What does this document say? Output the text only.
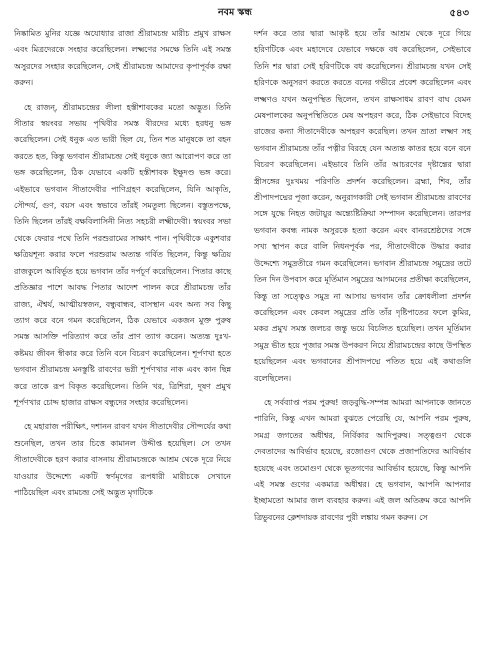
নবম স্কন্ধ	৫৪৩

নিষ্কামিত মুনির যজ্ঞে অযোধ্যার রাজা শ্রীরামচন্দ্র মারীচ প্রমুখ রাক্ষস এবং মিত্রদেরকে সংহার করেছিলেন। লক্ষ্মণের সমক্ষে তিনি এই সমস্ত অসুরদের সংহার করেছিলেন, সেই শ্রীরামচন্দ্র আমাদের কৃপাপূর্বক রক্ষা করুন।

হে রাজন্, শ্রীরামচন্দ্রের লীলা হস্তীশাবকের মতো অদ্ভুত। তিনি সীতার স্বয়ংবর সভায় পৃথিবীর সমস্ত বীরদের মধ্যে হরধনু ভঙ্গ করেছিলেন। সেই ধনুক এত ভারী ছিল যে, তিন শত মানুষকে তা বহন করতে হত, কিন্তু ভগবান শ্রীরামচন্দ্র সেই ধনুকে জ্যা আরোপণ করে তা ভঙ্গ করেছিলেন, ঠিক যেভাবে একটি হস্তীশাবক ইক্ষুদণ্ড ভঙ্গ করে। এইভাবে ভগবান সীতাদেবীর পাণিগ্রহণ করেছিলেন, যিনি আকৃতি, সৌন্দর্য, গুণ, বয়স এবং স্বভাবে তাঁরই সমতুল্য ছিলেন। বস্তুতপক্ষে, তিনি ছিলেন তাঁরই বক্ষবিলাসিনী নিত্য সহচরী লক্ষ্মীদেবী। স্বয়ংবর সভা থেকে ফেরার পথে তিনি পরশুরামের সাক্ষাৎ পান। পৃথিবীকে একুশবার ক্ষত্রিয়শূন্য করার ফলে পরশুরাম অত্যন্ত গর্বিত ছিলেন, কিন্তু ক্ষত্রিয় রাজকুলে আবির্ভূত হয়ে ভগবান তাঁর দর্পচূর্ণ করেছিলেন। পিতার কাছে প্রতিজ্ঞার পাশে আবদ্ধ পিতার আদেশ পালন করে শ্রীরামচন্দ্র তাঁর রাজ্য, ঐশ্বর্য, আত্মীয়স্বজন, বন্ধুবান্ধব, বাসস্থান এবং অন্য সব কিছু ত্যাগ করে বনে গমন করেছিলেন, ঠিক যেভাবে একজন মুক্ত পুরুষ সমস্ত আসক্তি পরিত্যাগ করে তাঁর প্রাণ ত্যাগ করেন। অত্যন্ত দুঃখ-কষ্টময় জীবন স্বীকার করে তিনি বনে বিচরণ করেছিলেন। শূর্পণখা হতে ভগবান শ্রীরামচন্দ্র মনস্তুষ্টি রাবণের ভগ্নী শূর্পণখার নাক এবং কান ছিন্ন করে তাকে রূপ বিকৃত করেছিলেন। তিনি খর, ত্রিশিরা, দূষণ প্রমুখ শূর্পণখার চোদ্দ হাজার রাক্ষস বন্ধুদের সংহার করেছিলেন।

হে মহারাজ পরীক্ষিৎ, দশানন রাবণ যখন সীতাদেবীর সৌন্দর্যের কথা শুনেছিল, তখন তার চিত্তে কামানল উদ্দীপ্ত হয়েছিল। সে তখন সীতাদেবীকে হরণ করার বাসনায় শ্রীরামচন্দ্রকে আশ্রম থেকে দূরে নিয়ে যাওয়ার উদ্দেশ্যে একটি স্বর্ণমৃগের রূপধারী মারীচকে সেখানে পাঠিয়েছিল এবং রামচন্দ্র সেই অদ্ভুত মৃগটিকে

দর্শন করে তার দ্বারা আকৃষ্ট হয়ে তাঁর আশ্রম থেকে দূরে গিয়ে হরিণটিকে এবং মহাদেবে যেভাবে দক্ষকে বধ করেছিলেন, সেইভাবে তিনি শর দ্বারা সেই হরিণটিকে বধ করেছিলেন। শ্রীরামচন্দ্র যখন সেই হরিণকে অনুসরণ করতে করতে বনের গভীরে প্রবেশ করেছিলেন এবং লক্ষ্মণও যখন অনুপস্থিত ছিলেন, তখন রাক্ষসাধম রাবণ বাঘ যেমন মেষপালকের অনুপস্থিতিতে মেষ অপহরণ করে, ঠিক সেইভাবে বিদেহ রাজের কন্যা সীতাদেবীকে অপহরণ করেছিল। তখন ভ্রাতা লক্ষ্মণ সহ ভগবান শ্রীরামচন্দ্র তাঁর পত্নীর বিরহে যেন অত্যন্ত কাতর হয়ে বনে বনে বিচরণ করেছিলেন। এইভাবে তিনি তাঁর আচরণের দৃষ্টান্তের দ্বারা স্ত্রীসঙ্গের দুঃখময় পরিণতি প্রদর্শন করেছিলেন। ব্রহ্মা, শিব, তাঁর শ্রীপাদপদ্মের পূজা করেন, অনুরাগকারী সেই ভগবান শ্রীরামচন্দ্র রাবণের সঙ্গে যুদ্ধে নিহত জটায়ুর অন্ত্যেষ্টিক্রিয়া সম্পাদন করেছিলেন। তারপর ভগবান কবন্ধ নামক অসুরকে হত্যা করেন এবং বানরশ্রেষ্ঠদের সঙ্গে সখ্য স্থাপন করে বালি নিধনপূর্বক পর, সীতাদেবীকে উদ্ধার করার উদ্দেশ্যে সমুদ্রতীরে গমন করেছিলেন। ভগবান শ্রীরামচন্দ্র সমুদ্রের তটে তিন দিন উপবাস করে মূর্তিমান সমুদ্রের আগমনের প্রতীক্ষা করেছিলেন, কিন্তু তা সত্ত্বেও সমুদ্র না আসায় ভগবান তাঁর ক্রোধলীলা প্রদর্শন করেছিলেন এবং কেবল সমুদ্রের প্রতি তাঁর দৃষ্টিপাতের ফলে কুমির, মকর প্রমুখ সমস্ত জলচর জন্তু ভয়ে বিচলিত হয়েছিল। তখন মূর্তিমান সমুদ্র ভীত হয়ে পূজার সমস্ত উপকরণ নিয়ে শ্রীরামচন্দ্রের কাছে উপস্থিত হয়েছিলেন এবং ভগবানের শ্রীপাদপদ্মে পতিত হয়ে এই কথাগুলি বলেছিলেন।

হে সর্বব্যাপ্ত পরম পুরুষ! জড়বুদ্ধি-সম্পন্ন আমরা আপনাকে জানতে পারিনি, কিন্তু এখন আমরা বুঝতে পেরেছি যে, আপনি পরম পুরুষ, সমগ্র জগতের অধীশ্বর, নির্বিকার আদিপুরুষ। সত্ত্বগুণ থেকে দেবতাদের আবির্ভাব হয়েছে, রজোগুণ থেকে প্রজাপতিদের আবির্ভাব হয়েছে এবং তমোগুণ থেকে ভূতগণের আবির্ভাব হয়েছে, কিন্তু আপনি এই সমস্ত গুণের একমাত্র অধীশ্বর। হে ভগবান, আপনি আপনার ইচ্ছামতো আমার জল ব্যবহার করুন। এই জল অতিক্রম করে আপনি ত্রিভুবনের ক্লেশদায়ক রাবণের পুরী লঙ্কায় গমন করুন। সে
